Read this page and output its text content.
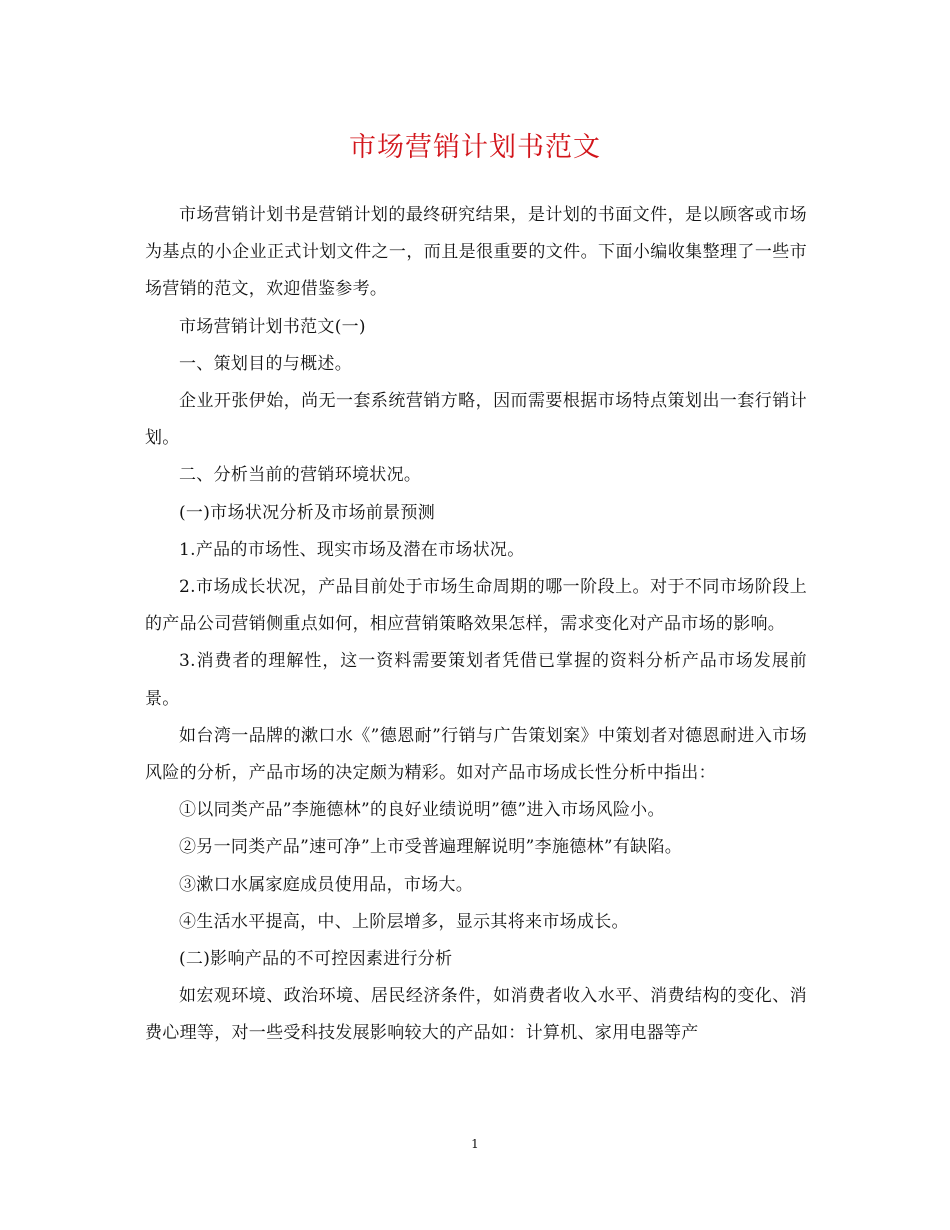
市场营销计划书范文

市场营销计划书是营销计划的最终研究结果，是计划的书面文件，是以顾客或市场为基点的小企业正式计划文件之一，而且是很重要的文件。下面小编收集整理了一些市场营销的范文，欢迎借鉴参考。

市场营销计划书范文(一)

一、策划目的与概述。

企业开张伊始，尚无一套系统营销方略，因而需要根据市场特点策划出一套行销计划。

二、分析当前的营销环境状况。

(一)市场状况分析及市场前景预测

1.产品的市场性、现实市场及潜在市场状况。

2.市场成长状况，产品目前处于市场生命周期的哪一阶段上。对于不同市场阶段上的产品公司营销侧重点如何，相应营销策略效果怎样，需求变化对产品市场的影响。

3.消费者的理解性，这一资料需要策划者凭借已掌握的资料分析产品市场发展前景。

如台湾一品牌的漱口水《”德恩耐”行销与广告策划案》中策划者对德恩耐进入市场风险的分析，产品市场的决定颇为精彩。如对产品市场成长性分析中指出：

①以同类产品”李施德林”的良好业绩说明”德”进入市场风险小。

②另一同类产品”速可净”上市受普遍理解说明”李施德林”有缺陷。

③漱口水属家庭成员使用品，市场大。

④生活水平提高，中、上阶层增多，显示其将来市场成长。

(二)影响产品的不可控因素进行分析

如宏观环境、政治环境、居民经济条件，如消费者收入水平、消费结构的变化、消费心理等，对一些受科技发展影响较大的产品如：计算机、家用电器等产

1
